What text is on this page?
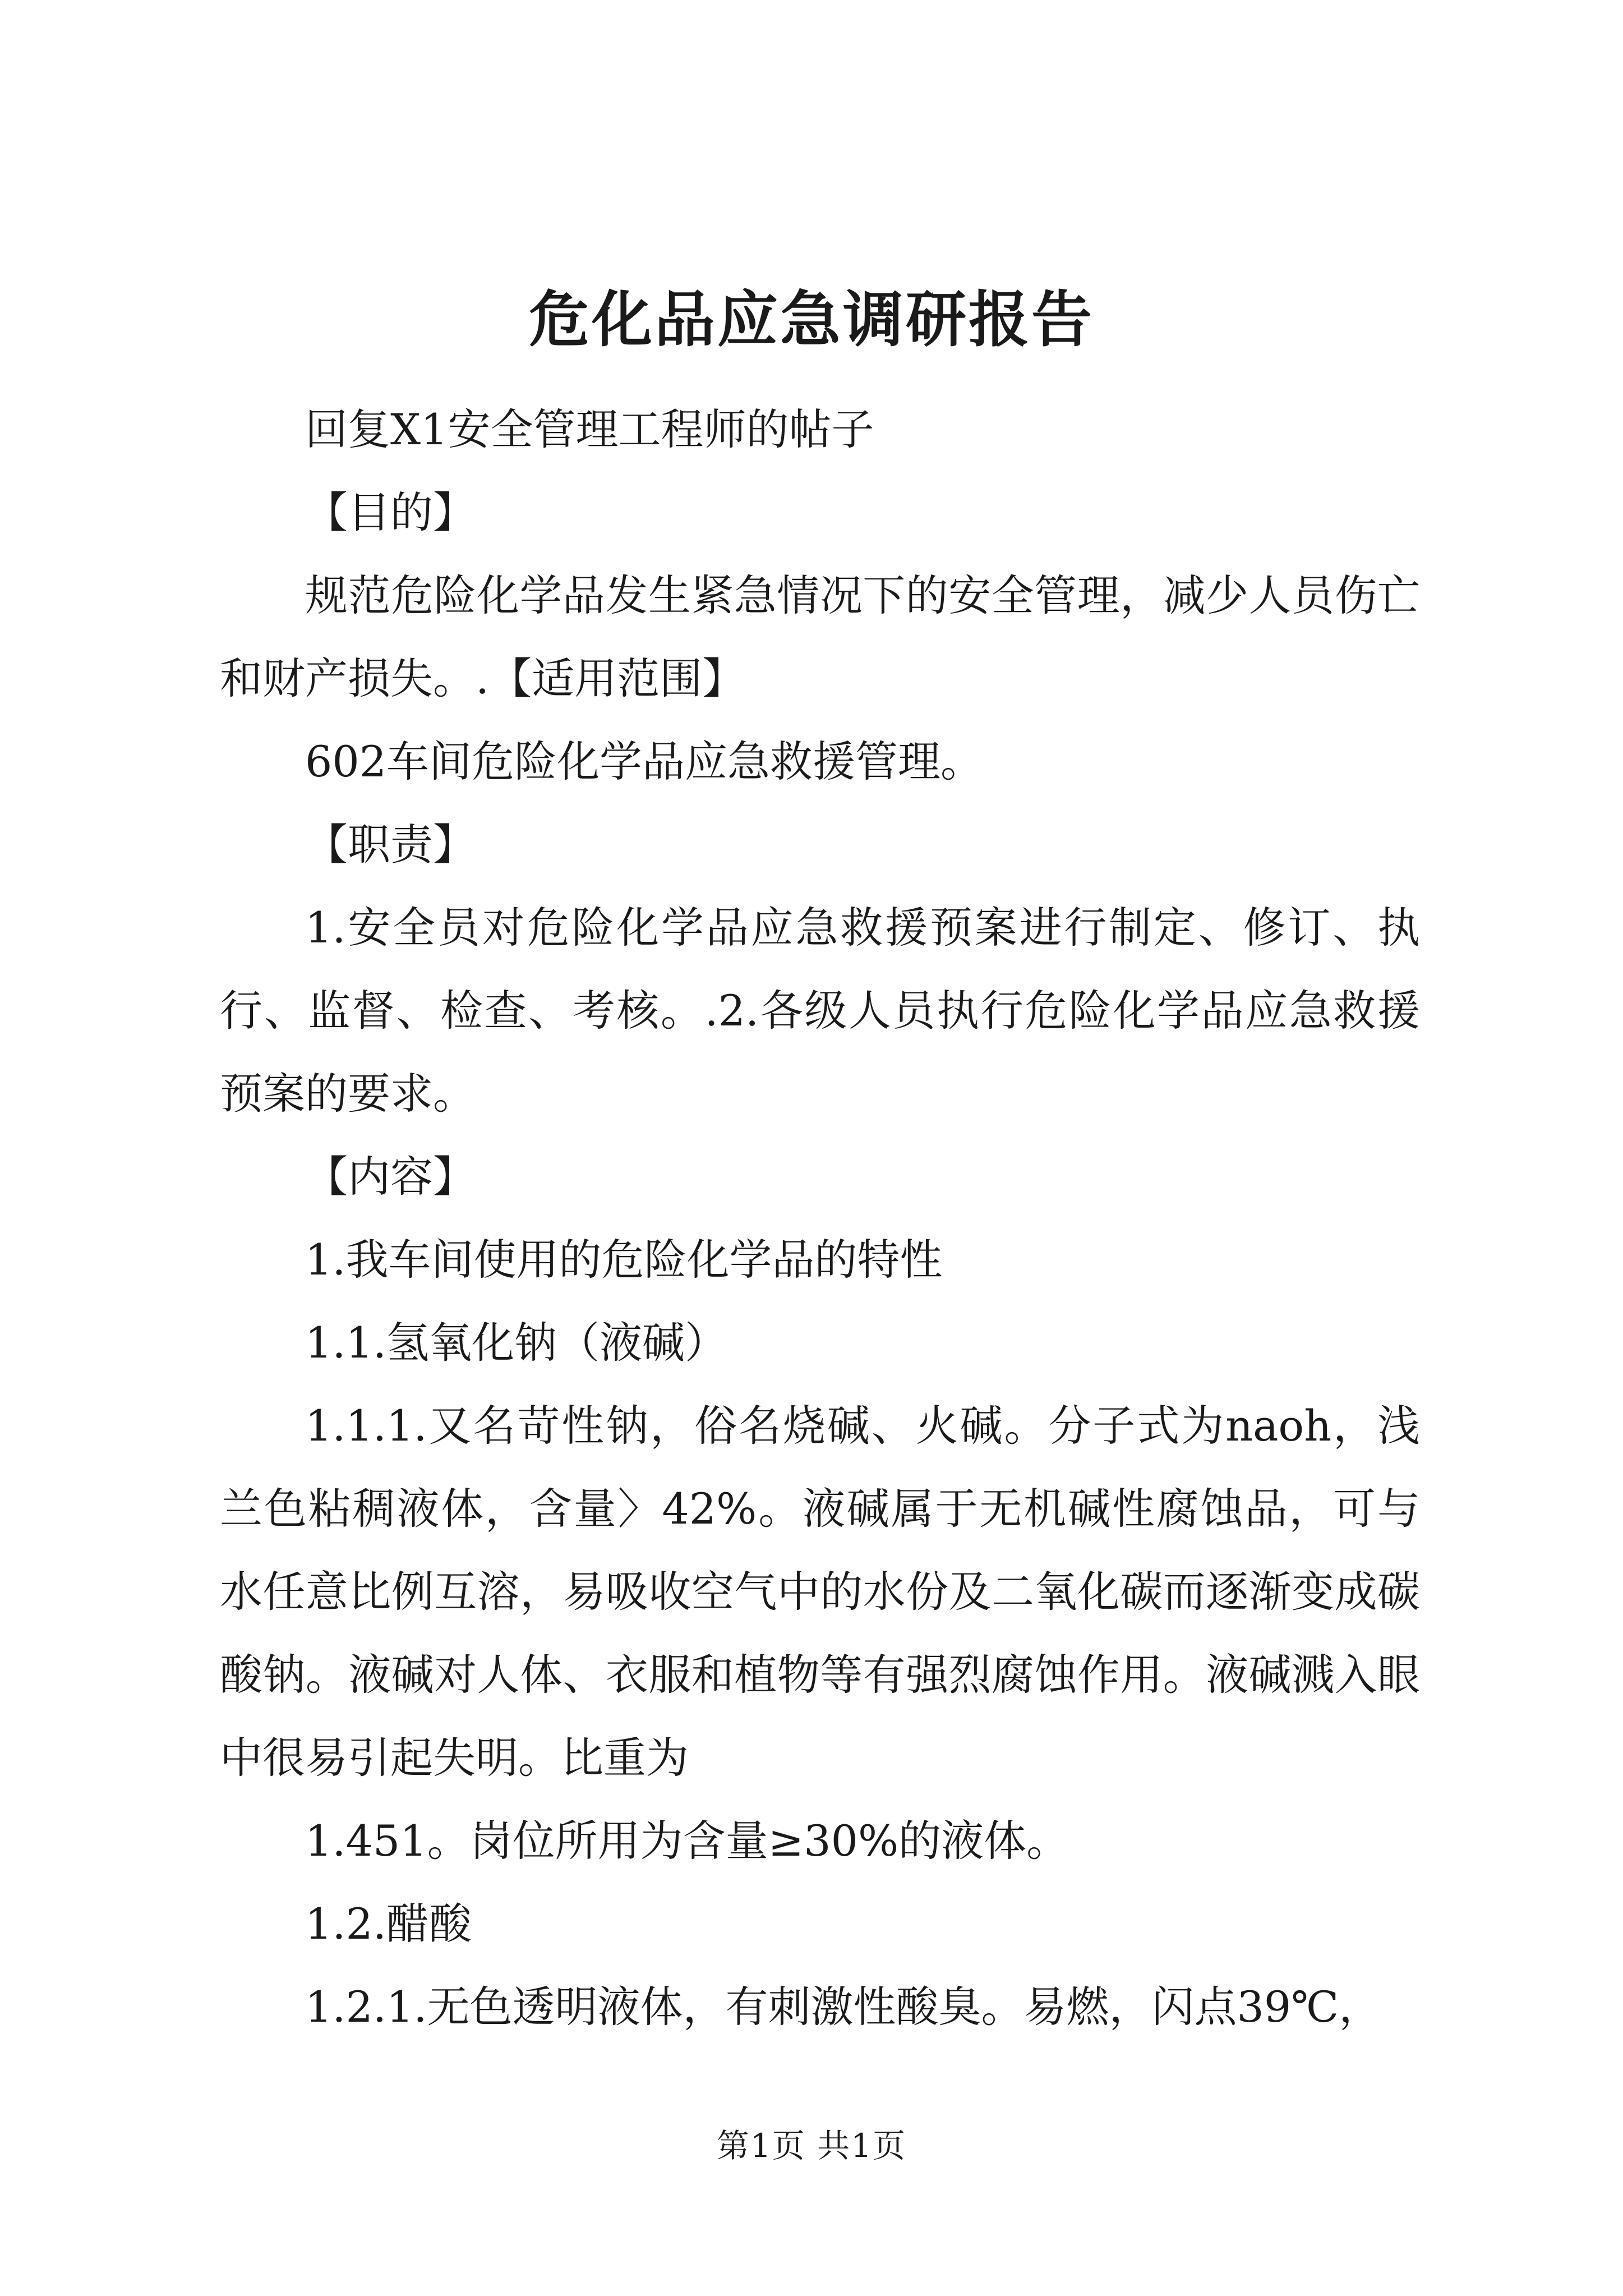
危化品应急调研报告

回复X1安全管理工程师的帖子

【目的】

规范危险化学品发生紧急情况下的安全管理，减少人员伤亡和财产损失。.【适用范围】

602车间危险化学品应急救援管理。

【职责】

1.安全员对危险化学品应急救援预案进行制定、修订、执行、监督、检查、考核。.2.各级人员执行危险化学品应急救援预案的要求。

【内容】

1.我车间使用的危险化学品的特性

1.1.氢氧化钠（液碱）

1.1.1.又名苛性钠，俗名烧碱、火碱。分子式为naoh，浅兰色粘稠液体，含量〉42%。液碱属于无机碱性腐蚀品，可与水任意比例互溶，易吸收空气中的水份及二氧化碳而逐渐变成碳酸钠。液碱对人体、衣服和植物等有强烈腐蚀作用。液碱溅入眼中很易引起失明。比重为

1.451。岗位所用为含量≥30%的液体。

1.2.醋酸

1.2.1.无色透明液体，有刺激性酸臭。易燃，闪点39℃，

第1页 共1页
